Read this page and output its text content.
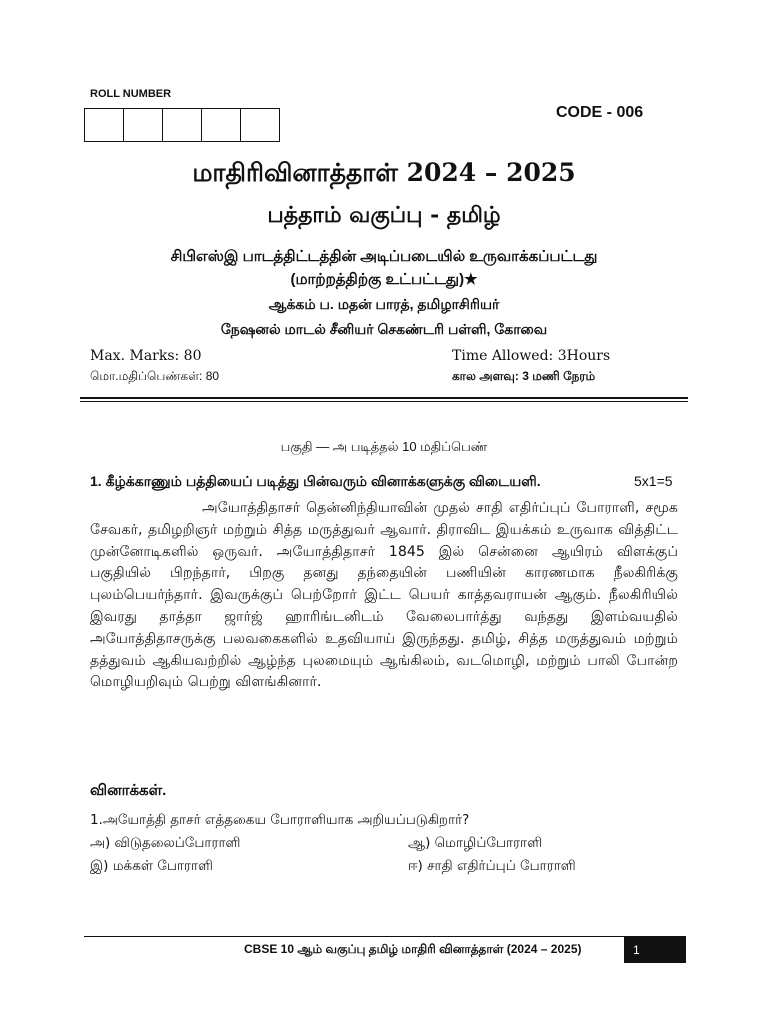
ROLL NUMBER
CODE - 006
மாதிரிவினாத்தாள் 2024 – 2025
பத்தாம் வகுப்பு - தமிழ்
சிபிஎஸ்இ பாடத்திட்டத்தின் அடிப்படையில் உருவாக்கப்பட்டது
(மாற்றத்திற்கு உட்பட்டது)★
ஆக்கம் ப. மதன் பாரத், தமிழாசிரியர்
நேஷனல் மாடல் சீனியர் செகண்டரி பள்ளி, கோவை
Max. Marks: 80	Time Allowed: 3Hours
மொ.மதிப்பெண்கள்: 80	கால அளவு: 3 மணி நேரம்
பகுதி — அ படித்தல் 10 மதிப்பெண்
1. கீழ்க்காணும் பத்தியைப் படித்து பின்வரும் வினாக்களுக்கு விடையளி.	5x1=5
அயோத்திதாசர் தென்னிந்தியாவின் முதல் சாதி எதிர்ப்புப் போராளி, சமூக சேவகர், தமிழறிஞர் மற்றும் சித்த மருத்துவர் ஆவார். திராவிட இயக்கம் உருவாக வித்திட்ட முன்னோடிகளில் ஒருவர். அயோத்திதாசர் 1845 இல் சென்னை ஆயிரம் விளக்குப் பகுதியில் பிறந்தார், பிறகு தனது தந்தையின் பணியின் காரணமாக நீலகிரிக்கு புலம்பெயர்ந்தார். இவருக்குப் பெற்றோர் இட்ட பெயர் காத்தவராயன் ஆகும். நீலகிரியில் இவரது தாத்தா ஜார்ஜ் ஹாரிங்டனிடம் வேலைபார்த்து வந்தது இளம்வயதில் அயோத்திதாசருக்கு பலவகைகளில் உதவியாய் இருந்தது. தமிழ், சித்த மருத்துவம் மற்றும் தத்துவம் ஆகியவற்றில் ஆழ்ந்த புலமையும் ஆங்கிலம், வடமொழி, மற்றும் பாலி போன்ற மொழியறிவும் பெற்று விளங்கினார்.
வினாக்கள்.
1.அயோத்தி தாசர் எத்தகைய போராளியாக அறியப்படுகிறார்?
அ) விடுதலைப்போராளி	ஆ) மொழிப்போராளி
இ) மக்கள் போராளி	ஈ) சாதி எதிர்ப்புப் போராளி
CBSE 10 ஆம் வகுப்பு தமிழ் மாதிரி வினாத்தாள் (2024 – 2025)	1
